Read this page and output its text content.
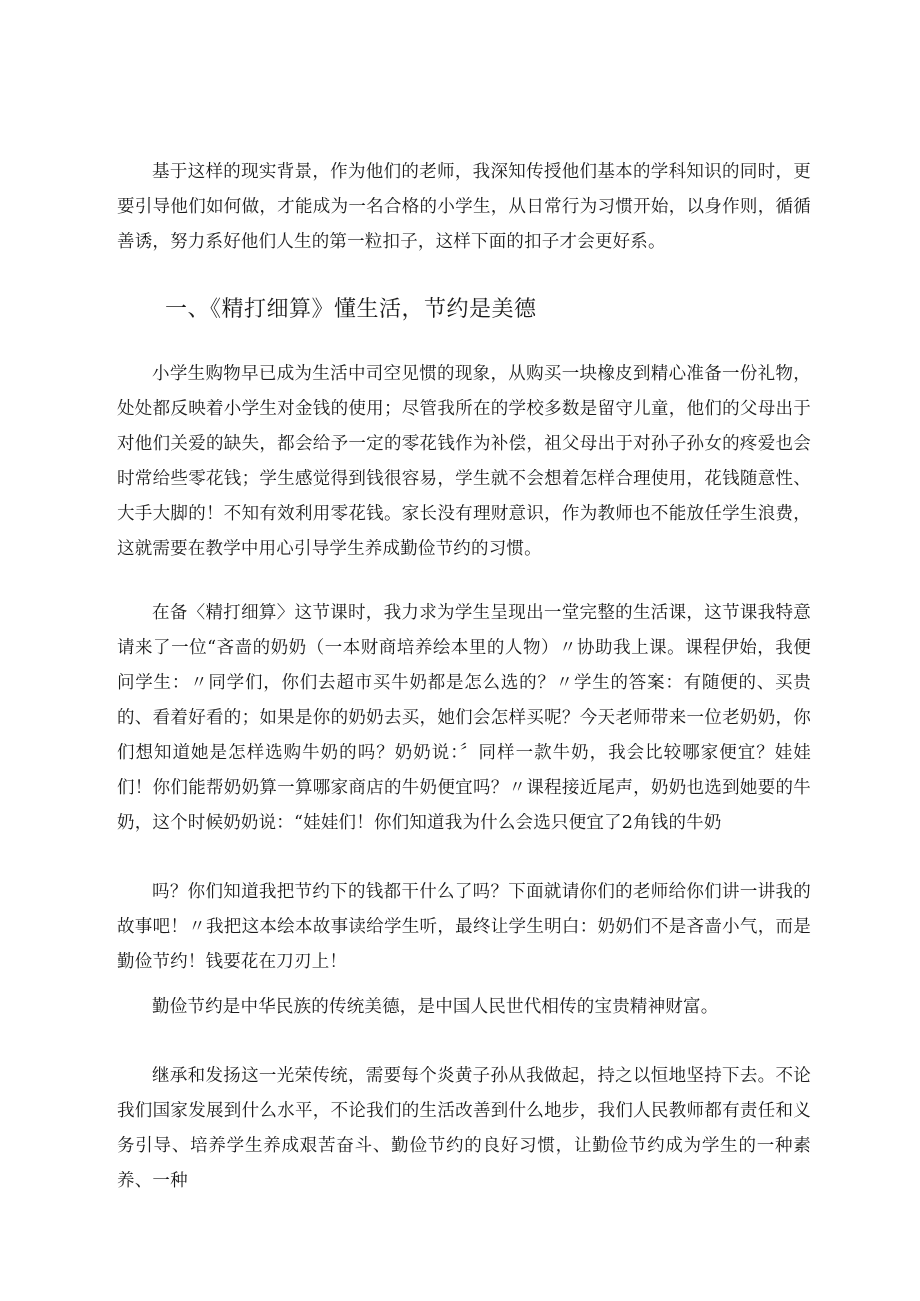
基于这样的现实背景，作为他们的老师，我深知传授他们基本的学科知识的同时，更要引导他们如何做，才能成为一名合格的小学生，从日常行为习惯开始，以身作则，循循善诱，努力系好他们人生的第一粒扣子，这样下面的扣子才会更好系。

一、《精打细算》懂生活，节约是美德

小学生购物早已成为生活中司空见惯的现象，从购买一块橡皮到精心准备一份礼物，处处都反映着小学生对金钱的使用；尽管我所在的学校多数是留守儿童，他们的父母出于对他们关爱的缺失，都会给予一定的零花钱作为补偿，祖父母出于对孙子孙女的疼爱也会时常给些零花钱；学生感觉得到钱很容易，学生就不会想着怎样合理使用，花钱随意性、大手大脚的！不知有效利用零花钱。家长没有理财意识，作为教师也不能放任学生浪费，这就需要在教学中用心引导学生养成勤俭节约的习惯。

在备〈精打细算〉这节课时，我力求为学生呈现出一堂完整的生活课，这节课我特意请来了一位“吝啬的奶奶（一本财商培养绘本里的人物）〃协助我上课。课程伊始，我便问学生：〃同学们，你们去超市买牛奶都是怎么选的？〃学生的答案：有随便的、买贵的、看着好看的；如果是你的奶奶去买，她们会怎样买呢？今天老师带来一位老奶奶，你们想知道她是怎样选购牛奶的吗？奶奶说：〞同样一款牛奶，我会比较哪家便宜？娃娃们！你们能帮奶奶算一算哪家商店的牛奶便宜吗？〃课程接近尾声，奶奶也选到她要的牛奶，这个时候奶奶说：“娃娃们！你们知道我为什么会选只便宜了2角钱的牛奶

吗？你们知道我把节约下的钱都干什么了吗？下面就请你们的老师给你们讲一讲我的故事吧！〃我把这本绘本故事读给学生听，最终让学生明白：奶奶们不是吝啬小气，而是勤俭节约！钱要花在刀刃上！

勤俭节约是中华民族的传统美德，是中国人民世代相传的宝贵精神财富。

继承和发扬这一光荣传统，需要每个炎黄子孙从我做起，持之以恒地坚持下去。不论我们国家发展到什么水平，不论我们的生活改善到什么地步，我们人民教师都有责任和义务引导、培养学生养成艰苦奋斗、勤俭节约的良好习惯，让勤俭节约成为学生的一种素养、一种
